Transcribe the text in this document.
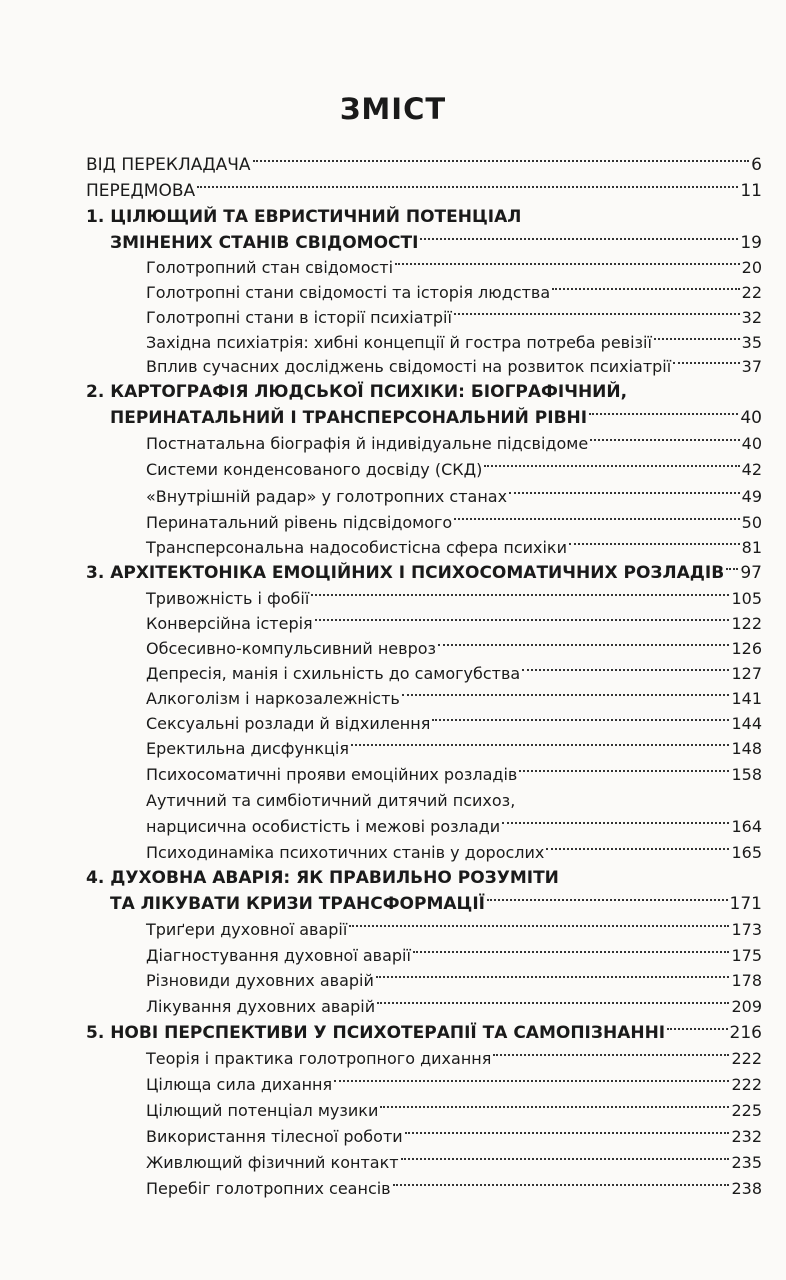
ЗМІСТ
ВІД ПЕРЕКЛАДАЧА	6
ПЕРЕДМОВА	11
1. ЦІЛЮЩИЙ ТА ЕВРИСТИЧНИЙ ПОТЕНЦІАЛ
ЗМІНЕНИХ СТАНІВ СВІДОМОСТІ	19
Голотропний стан свідомості	20
Голотропні стани свідомості та історія людства	22
Голотропні стани в історії психіатрії	32
Західна психіатрія: хибні концепції й гостра потреба ревізії	35
Вплив сучасних досліджень свідомості на розвиток психіатрії	37
2. КАРТОГРАФІЯ ЛЮДСЬКОЇ ПСИХІКИ: БІОГРАФІЧНИЙ,
ПЕРИНАТАЛЬНИЙ І ТРАНСПЕРСОНАЛЬНИЙ РІВНІ	40
Постнатальна біографія й індивідуальне підсвідоме	40
Системи конденсованого досвіду (СКД)	42
«Внутрішній радар» у голотропних станах	49
Перинатальний рівень підсвідомого	50
Трансперсональна надособистісна сфера психіки	81
3. АРХІТЕКТОНІКА ЕМОЦІЙНИХ І ПСИХОСОМАТИЧНИХ РОЗЛАДІВ 97
Тривожність і фобії	105
Конверсійна істерія	122
Обсесивно-компульсивний невроз	126
Депресія, манія і схильність до самогубства	127
Алкоголізм і наркозалежність	141
Сексуальні розлади й відхилення	144
Еректильна дисфункція	148
Психосоматичні прояви емоційних розладів	158
Аутичний та симбіотичний дитячий психоз,
нарцисична особистість і межові розлади	164
Психодинаміка психотичних станів у дорослих	165
4. ДУХОВНА АВАРІЯ: ЯК ПРАВИЛЬНО РОЗУМІТИ
ТА ЛІКУВАТИ КРИЗИ ТРАНСФОРМАЦІЇ	171
Триґери духовної аварії	173
Діагностування духовної аварії	175
Різновиди духовних аварій	178
Лікування духовних аварій	209
5. НОВІ ПЕРСПЕКТИВИ У ПСИХОТЕРАПІЇ ТА САМОПІЗНАННІ	216
Теорія і практика голотропного дихання	222
Цілюща сила дихання	222
Цілющий потенціал музики	225
Використання тілесної роботи	232
Живлющий фізичний контакт	235
Перебіг голотропних сеансів	238
